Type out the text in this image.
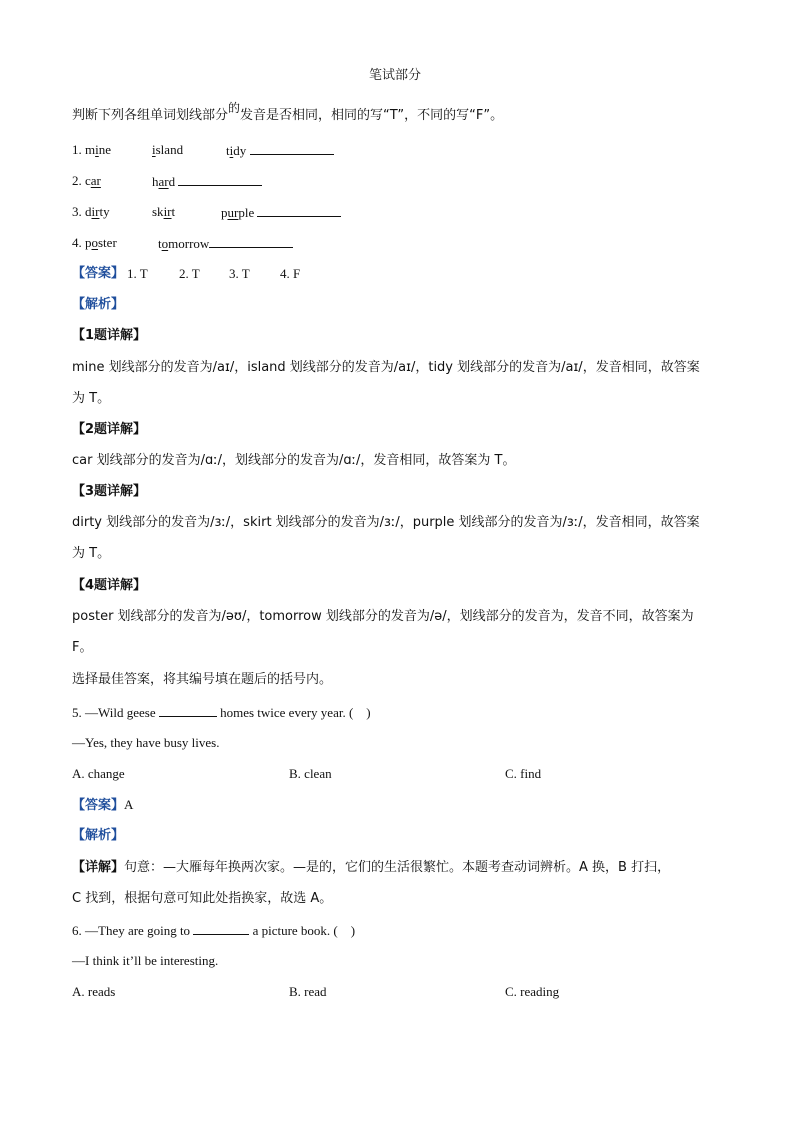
笔试部分
判断下列各组单词划线部分的发音是否相同，相同的写“T”，不同的写“F”。
1. mine	island	tidy
2. car	hard
3. dirty	skirt	purple
4. poster	tomorrow
【答案】 1. T 2. T 3. T 4. F
【解析】
【1题详解】
mine 划线部分的发音为/aɪ/，island 划线部分的发音为/aɪ/，tidy 划线部分的发音为/aɪ/，发音相同，故答案
为 T。
【2题详解】
car 划线部分的发音为/ɑː/，划线部分的发音为/ɑː/，发音相同，故答案为 T。
【3题详解】
dirty 划线部分的发音为/ɜː/，skirt 划线部分的发音为/ɜː/，purple 划线部分的发音为/ɜː/，发音相同，故答案
为 T。
【4题详解】
poster 划线部分的发音为/əʊ/，tomorrow 划线部分的发音为/ə/，划线部分的发音为，发音不同，故答案为
F。
选择最佳答案，将其编号填在题后的括号内。
5. —Wild geese	homes twice every year. (　)
—Yes, they have busy lives.
A. change	B. clean	C. find
【答案】A
【解析】
【详解】句意：—大雁每年换两次家。—是的，它们的生活很繁忙。本题考查动词辨析。A 换，B 打扫，
C 找到，根据句意可知此处指换家，故选 A。
6. —They are going to	a picture book. (　)
—I think it’ll be interesting.
A. reads	B. read	C. reading
